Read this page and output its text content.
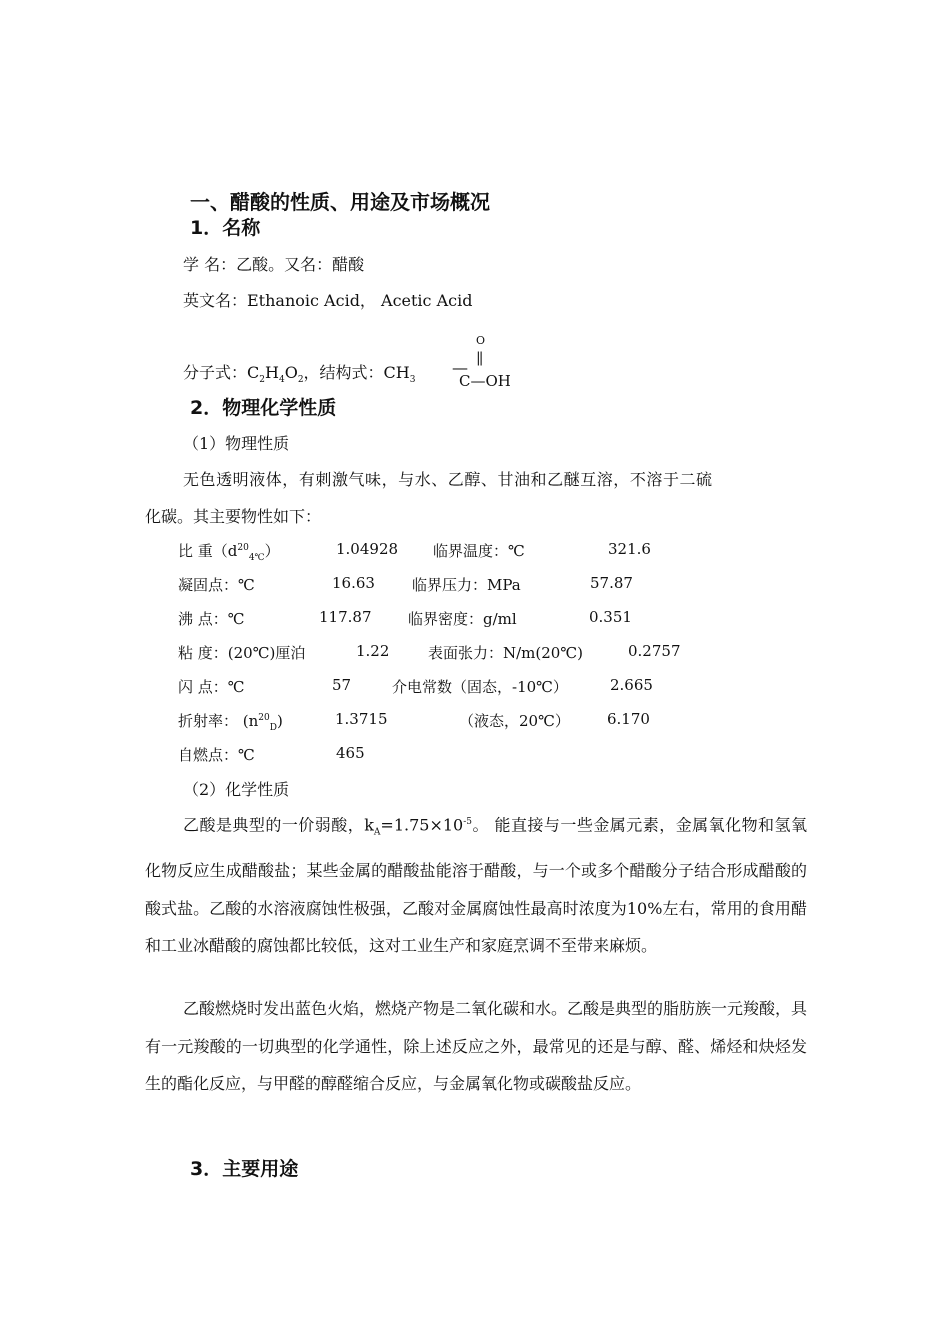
一、醋酸的性质、用途及市场概况
1．名称
学 名：乙酸。又名：醋酸
英文名：Ethanoic Acid， Acetic Acid
分子式：$C_2H_4O_2$，结构式：$CH_3$
O
||
—
C—OH
2．物理化学性质
（1）物理性质
无色透明液体，有刺激气味，与水、乙醇、甘油和乙醚互溶，不溶于二硫
化碳。其主要物性如下：
比 重$(d^{20}_{4℃})$	1.04928 临界温度：℃	321.6
凝固点：℃	16.63 临界压力：MPa	57.87
沸 点：℃	117.87 临界密度：g/ml	0.351
粘 度：(20℃)厘泊	1.22	表面张力：N/m(20℃)	0.2757
闪 点：℃	57	介电常数（固态，-10℃）	2.665
折射率： $(n^{20}_D)$	1.3715	（液态，20℃） 6.170
自燃点：℃	465
（2）化学性质
乙酸是典型的一价弱酸，$k_A=1.75\times 10^{-5}$。 能直接与一些金属元素，金属氧化物和氢氧化物反应生成醋酸盐；某些金属的醋酸盐能溶于醋酸，与一个或多个醋酸分子结合形成醋酸的酸式盐。乙酸的水溶液腐蚀性极强，乙酸对金属腐蚀性最高时浓度为10%左右，常用的食用醋和工业冰醋酸的腐蚀都比较低，这对工业生产和家庭烹调不至带来麻烦。
乙酸燃烧时发出蓝色火焰，燃烧产物是二氧化碳和水。乙酸是典型的脂肪族一元羧酸，具有一元羧酸的一切典型的化学通性，除上述反应之外，最常见的还是与醇、醛、烯烃和炔烃发生的酯化反应，与甲醛的醇醛缩合反应，与金属氧化物或碳酸盐反应。
3．主要用途
